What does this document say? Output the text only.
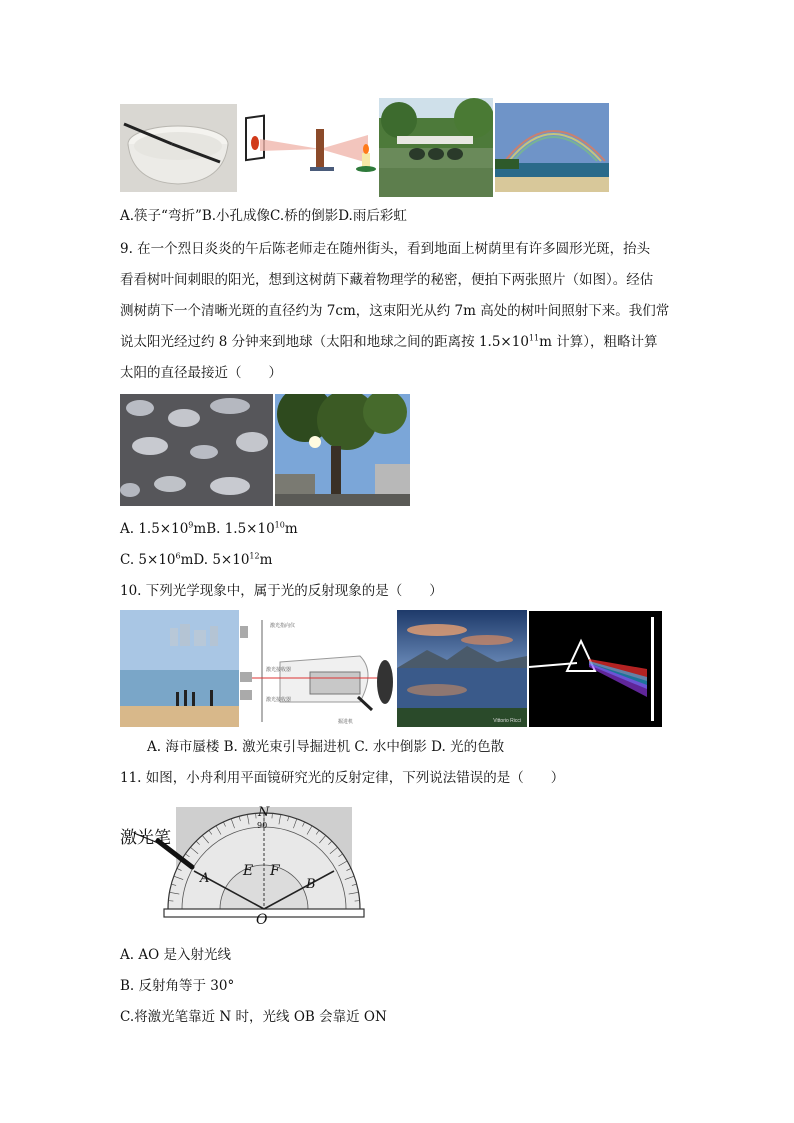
A.筷子“弯折”B.小孔成像C.桥的倒影D.雨后彩虹
9. 在一个烈日炎炎的午后陈老师走在随州街头，看到地面上树荫里有许多圆形光斑，抬头
看看树叶间刺眼的阳光，想到这树荫下藏着物理学的秘密，便拍下两张照片（如图）。经估
测树荫下一个清晰光斑的直径约为 7cm，这束阳光从约 7m 高处的树叶间照射下来。我们常
说太阳光经过约 8 分钟来到地球（太阳和地球之间的距离按 $1.5\times 10^{11}m$ 计算），粗略计算
太阳的直径最接近（　　）
A. $1.5\times 10^9mB$. $1.5\times 10^{10}m$
C. $5\times 10^6mD$. $5\times 10^{12}m$
10. 下列光学现象中，属于光的反射现象的是（　　）
激光指向仪
激光接收器
激光接收器
掘进机	Vittorio Ricci
A. 海市蜃楼 B. 激光束引导掘进机 C. 水中倒影 D. 光的色散
11. 如图，小舟利用平面镜研究光的反射定律，下列说法错误的是（　　）
激光笔
N
90
E F
A	B
O
A. AO 是入射光线
B. 反射角等于 30°
C.将激光笔靠近 N 时，光线 OB 会靠近 ON
